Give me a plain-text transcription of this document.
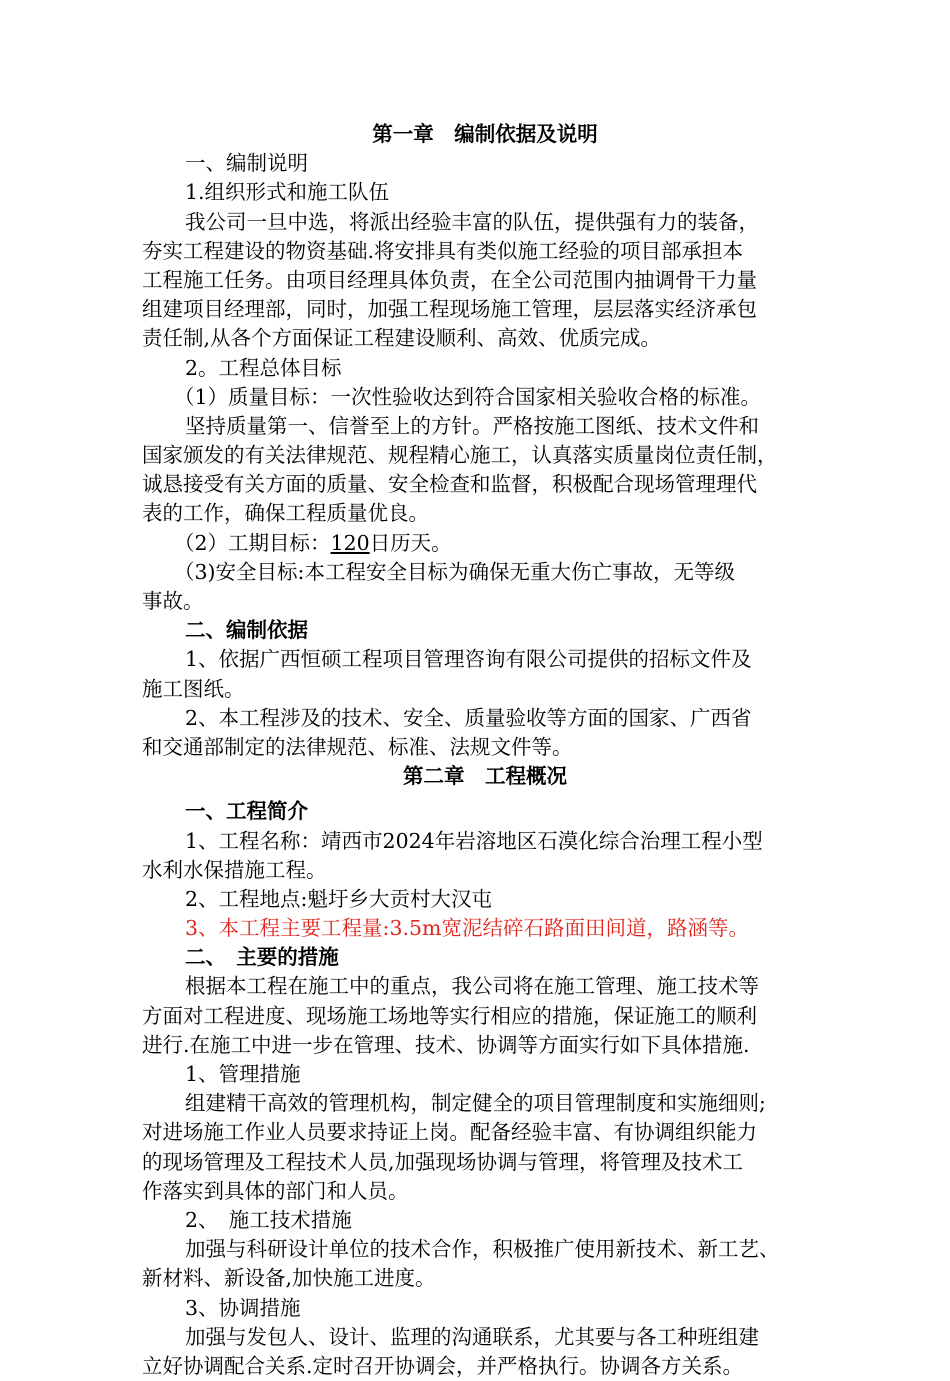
第一章　编制依据及说明
一、编制说明
1.组织形式和施工队伍
我公司一旦中选，将派出经验丰富的队伍，提供强有力的装备，
夯实工程建设的物资基础.将安排具有类似施工经验的项目部承担本
工程施工任务。由项目经理具体负责，在全公司范围内抽调骨干力量
组建项目经理部，同时，加强工程现场施工管理，层层落实经济承包
责任制,从各个方面保证工程建设顺利、高效、优质完成。
2。工程总体目标
（1）质量目标：一次性验收达到符合国家相关验收合格的标准。
坚持质量第一、信誉至上的方针。严格按施工图纸、技术文件和
国家颁发的有关法律规范、规程精心施工，认真落实质量岗位责任制，
诚恳接受有关方面的质量、安全检查和监督，积极配合现场管理理代
表的工作，确保工程质量优良。
（2）工期目标：120日历天。
（3)安全目标:本工程安全目标为确保无重大伤亡事故，无等级
事故。
二、编制依据
1、依据广西恒硕工程项目管理咨询有限公司提供的招标文件及
施工图纸。
2、本工程涉及的技术、安全、质量验收等方面的国家、广西省
和交通部制定的法律规范、标准、法规文件等。
第二章　工程概况
一、工程简介
1、工程名称：靖西市2024年岩溶地区石漠化综合治理工程小型
水利水保措施工程。
2、工程地点:魁圩乡大贡村大汉屯
3、本工程主要工程量:3.5m宽泥结碎石路面田间道，路涵等。
二、　主要的措施
根据本工程在施工中的重点，我公司将在施工管理、施工技术等
方面对工程进度、现场施工场地等实行相应的措施，保证施工的顺利
进行.在施工中进一步在管理、技术、协调等方面实行如下具体措施.
1、管理措施
组建精干高效的管理机构，制定健全的项目管理制度和实施细则;
对进场施工作业人员要求持证上岗。配备经验丰富、有协调组织能力
的现场管理及工程技术人员,加强现场协调与管理，将管理及技术工
作落实到具体的部门和人员。
2、　施工技术措施
加强与科研设计单位的技术合作，积极推广使用新技术、新工艺、
新材料、新设备,加快施工进度。
3、协调措施
加强与发包人、设计、监理的沟通联系，尤其要与各工种班组建
立好协调配合关系.定时召开协调会，并严格执行。协调各方关系。
